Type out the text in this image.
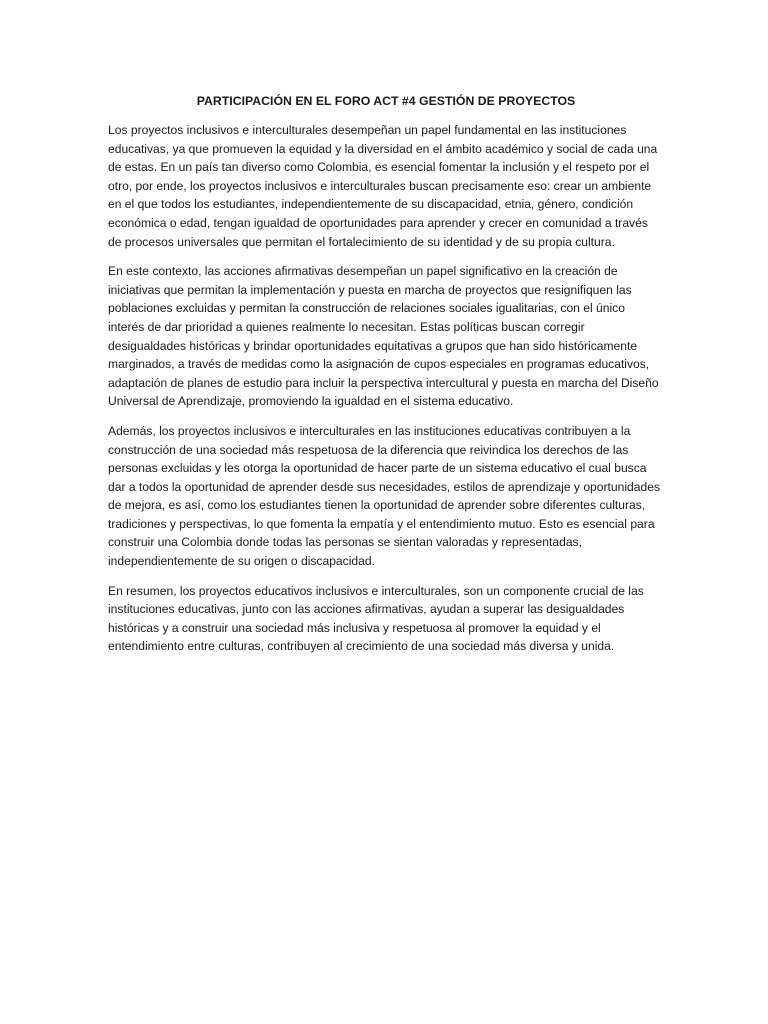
PARTICIPACIÓN EN EL FORO ACT #4 GESTIÓN DE PROYECTOS

Los proyectos inclusivos e interculturales desempeñan un papel fundamental en las instituciones educativas, ya que promueven la equidad y la diversidad en el ámbito académico y social de cada una de estas. En un país tan diverso como Colombia, es esencial fomentar la inclusión y el respeto por el otro, por ende, los proyectos inclusivos e interculturales buscan precisamente eso: crear un ambiente en el que todos los estudiantes, independientemente de su discapacidad, etnia, género, condición económica o edad, tengan igualdad de oportunidades para aprender y crecer en comunidad a través de procesos universales que permitan el fortalecimiento de su identidad y de su propia cultura.

En este contexto, las acciones afirmativas desempeñan un papel significativo en la creación de iniciativas que permitan la implementación y puesta en marcha de proyectos que resignifiquen las poblaciones excluidas y permitan la construcción de relaciones sociales igualitarias, con el único interés de dar prioridad a quienes realmente lo necesitan. Estas políticas buscan corregir desigualdades históricas y brindar oportunidades equitativas a grupos que han sido históricamente marginados, a través de medidas como la asignación de cupos especiales en programas educativos, adaptación de planes de estudio para incluir la perspectiva intercultural y puesta en marcha del Diseño Universal de Aprendizaje, promoviendo la igualdad en el sistema educativo.

Además, los proyectos inclusivos e interculturales en las instituciones educativas contribuyen a la construcción de una sociedad más respetuosa de la diferencia que reivindica los derechos de las personas excluidas y les otorga la oportunidad de hacer parte de un sistema educativo el cual busca dar a todos la oportunidad de aprender desde sus necesidades, estilos de aprendizaje y oportunidades de mejora, es así, como los estudiantes tienen la oportunidad de aprender sobre diferentes culturas, tradiciones y perspectivas, lo que fomenta la empatía y el entendimiento mutuo. Esto es esencial para construir una Colombia donde todas las personas se sientan valoradas y representadas, independientemente de su origen o discapacidad.

En resumen, los proyectos educativos inclusivos e interculturales, son un componente crucial de las instituciones educativas, junto con las acciones afirmativas, ayudan a superar las desigualdades históricas y a construir una sociedad más inclusiva y respetuosa al promover la equidad y el entendimiento entre culturas, contribuyen al crecimiento de una sociedad más diversa y unida.
